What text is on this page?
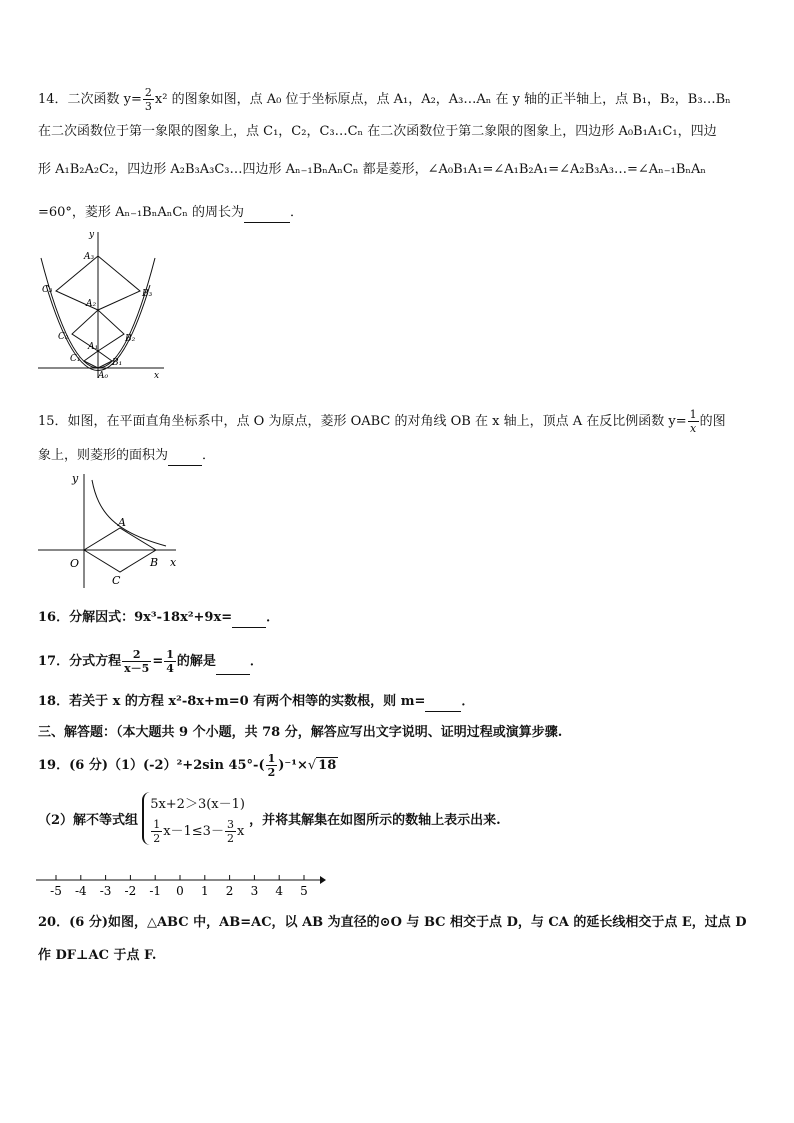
14．二次函数 $y= \frac{2}{3} x^2$ 的图象如图，点 A₀ 位于坐标原点，点 A₁，A₂，A₃…Aₙ 在 y 轴的正半轴上，点 B₁，B₂，B₃…Bₙ
在二次函数位于第一象限的图象上，点 C₁，C₂，C₃…Cₙ 在二次函数位于第二象限的图象上，四边形 A₀B₁A₁C₁，四边
形 A₁B₂A₂C₂，四边形 A₂B₃A₃C₃…四边形 Aₙ₋₁BₙAₙCₙ 都是菱形，∠A₀B₁A₁=∠A₁B₂A₁=∠A₂B₃A₃…=∠Aₙ₋₁BₙAₙ
=60°，菱形 Aₙ₋₁BₙAₙCₙ 的周长为	．
y
x
A₀
A₁
A₂
A₃
B₁
B₂
B₃
C₁
C₂
C₃
15．如图，在平面直角坐标系中，点 O 为原点，菱形 OABC 的对角线 OB 在 x 轴上，顶点 A 在反比例函数 $y= \frac{1}{x}$ 的图
象上，则菱形的面积为	．
y
A
O	B x
C
16．分解因式：9x³-18x²+9x=	．
17．分式方程 $\frac{2}{x-5} = \frac{1}{4}$ 的解是	．
18．若关于 x 的方程 x²-8x+m=0 有两个相等的实数根，则 m=	．
三、解答题：（本大题共 9 个小题，共 78 分，解答应写出文字说明、证明过程或演算步骤.
19．(6 分)（1）(-2）²+2sin $45^\circ-( \frac{1}{2} )^{-1}\times√$ 18
（2）解不等式组
5x+2＞3(x－1)
$\frac{1}{2} x-1\le 3- \frac{3}{2}$ x
，并将其解集在如图所示的数轴上表示出来.
-5 -4 -3 -2 -1 0 1 2 3 4 5
20．(6 分)如图，△ABC 中，AB=AC，以 AB 为直径的⊙O 与 BC 相交于点 D，与 CA 的延长线相交于点 E，过点 D
作 DF⊥AC 于点 F.
